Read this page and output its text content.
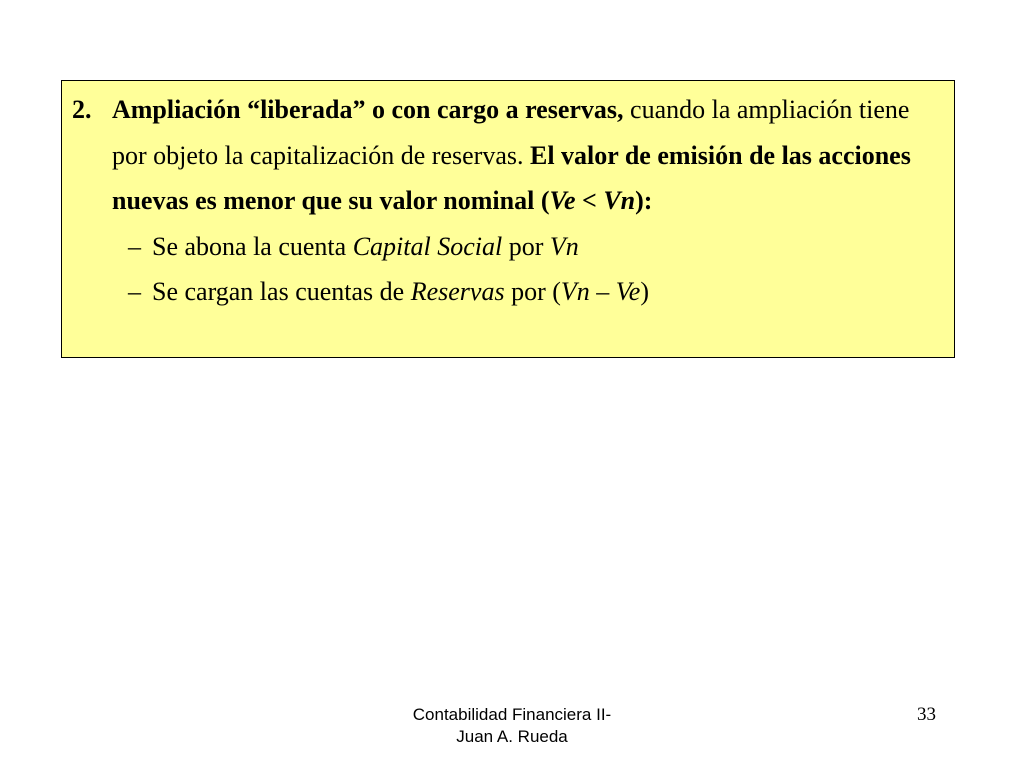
2. Ampliación “liberada” o con cargo a reservas, cuando la ampliación tiene por objeto la capitalización de reservas. El valor de emisión de las acciones nuevas es menor que su valor nominal (Ve < Vn):
– Se abona la cuenta Capital Social por Vn
– Se cargan las cuentas de Reservas por (Vn – Ve)
Contabilidad Financiera II-
Juan A. Rueda
33
